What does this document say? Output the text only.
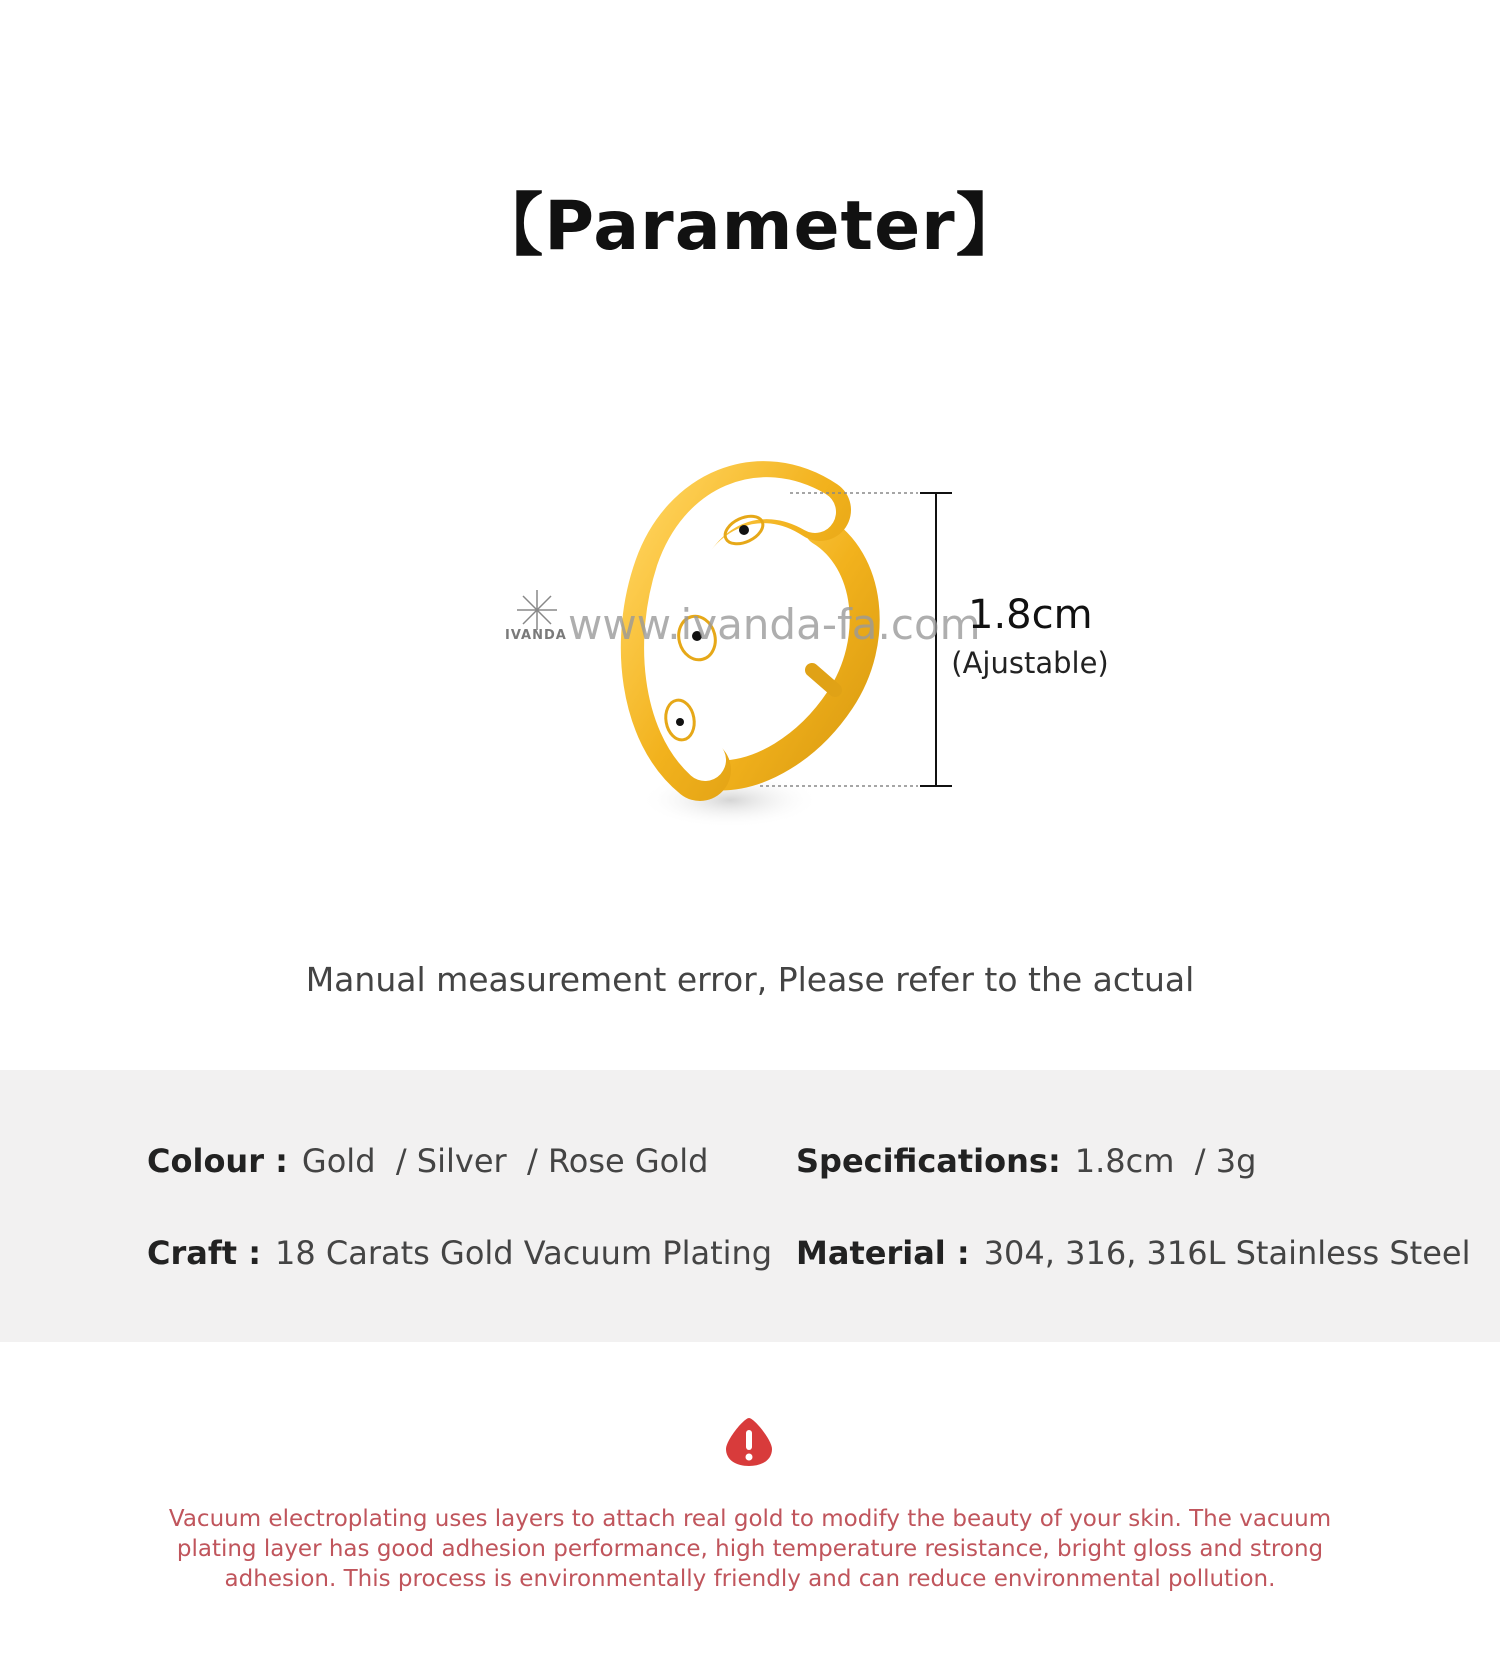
【Parameter】
IVANDA www.ivanda-fa.com
1.8cm
(Ajustable)
Manual measurement error, Please refer to the actual
Colour : Gold  / Silver  / Rose Gold	Specifications: 1.8cm  / 3g
Craft : 18 Carats Gold Vacuum Plating Material : 304, 316, 316L Stainless Steel
Vacuum electroplating uses layers to attach real gold to modify the beauty of your skin. The vacuum plating layer has good adhesion performance, high temperature resistance, bright gloss and strong adhesion. This process is environmentally friendly and can reduce environmental pollution.
